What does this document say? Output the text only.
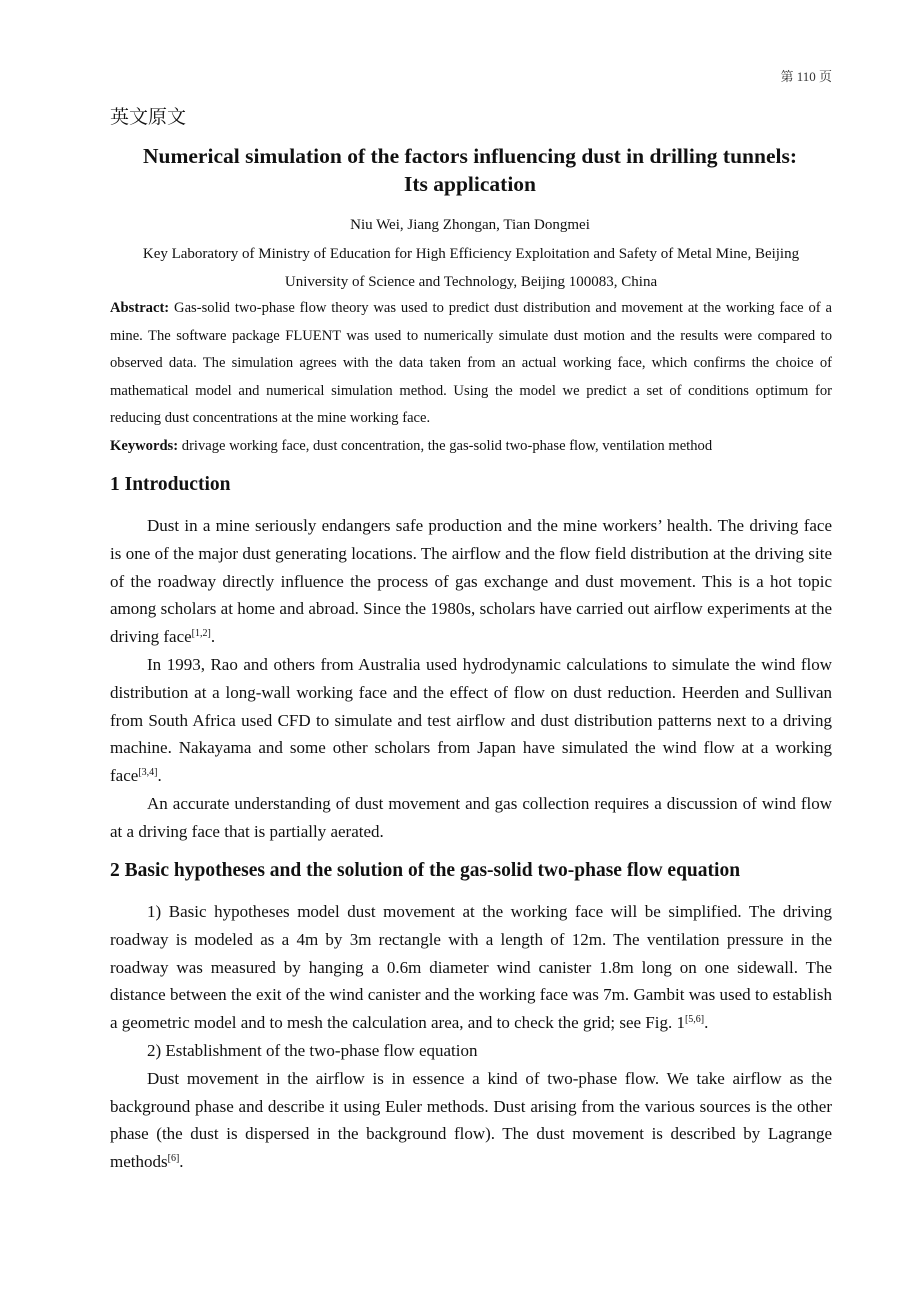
第 110 页
英文原文
Numerical simulation of the factors influencing dust in drilling tunnels:
Its application
Niu Wei, Jiang Zhongan, Tian Dongmei
Key Laboratory of Ministry of Education for High Efficiency Exploitation and Safety of Metal Mine, Beijing
University of Science and Technology, Beijing 100083, China
Abstract: Gas-solid two-phase flow theory was used to predict dust distribution and movement at the working face of a mine. The software package FLUENT was used to numerically simulate dust motion and the results were compared to observed data. The simulation agrees with the data taken from an actual working face, which confirms the choice of mathematical model and numerical simulation method. Using the model we predict a set of conditions optimum for reducing dust concentrations at the mine working face.
Keywords: drivage working face, dust concentration, the gas-solid two-phase flow, ventilation method
1 Introduction

Dust in a mine seriously endangers safe production and the mine workers’ health. The driving face is one of the major dust generating locations. The airflow and the flow field distribution at the driving site of the roadway directly influence the process of gas exchange and dust movement. This is a hot topic among scholars at home and abroad. Since the 1980s, scholars have carried out airflow experiments at the driving face[1,2].

In 1993, Rao and others from Australia used hydrodynamic calculations to simulate the wind flow distribution at a long-wall working face and the effect of flow on dust reduction. Heerden and Sullivan from South Africa used CFD to simulate and test airflow and dust distribution patterns next to a driving machine. Nakayama and some other scholars from Japan have simulated the wind flow at a working face[3,4].

An accurate understanding of dust movement and gas collection requires a discussion of wind flow at a driving face that is partially aerated.

2 Basic hypotheses and the solution of the gas-solid two-phase flow equation

1) Basic hypotheses model dust movement at the working face will be simplified. The driving roadway is modeled as a 4m by 3m rectangle with a length of 12m. The ventilation pressure in the roadway was measured by hanging a 0.6m diameter wind canister 1.8m long on one sidewall. The distance between the exit of the wind canister and the working face was 7m. Gambit was used to establish a geometric model and to mesh the calculation area, and to check the grid; see Fig. 1[5,6].

2) Establishment of the two-phase flow equation

Dust movement in the airflow is in essence a kind of two-phase flow. We take airflow as the background phase and describe it using Euler methods. Dust arising from the various sources is the other phase (the dust is dispersed in the background flow). The dust movement is described by Lagrange methods[6].
